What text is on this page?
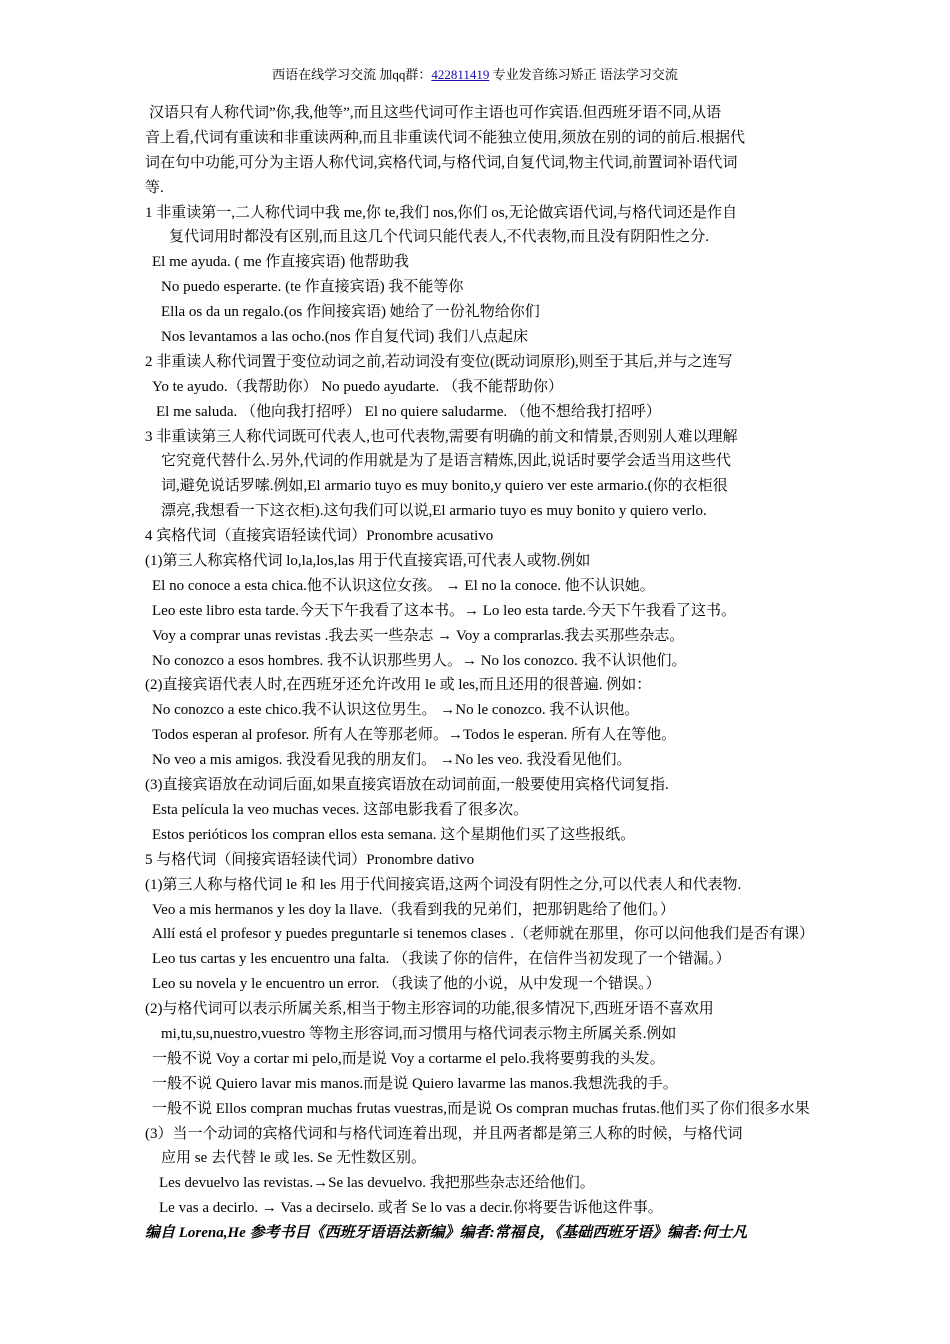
西语在线学习交流 加qq群：422811419 专业发音练习矫正 语法学习交流
汉语只有人称代词”你,我,他等”,而且这些代词可作主语也可作宾语.但西班牙语不同,从语
音上看,代词有重读和非重读两种,而且非重读代词不能独立使用,须放在别的词的前后.根据代
词在句中功能,可分为主语人称代词,宾格代词,与格代词,自复代词,物主代词,前置词补语代词
等.
1 非重读第一,二人称代词中我 me,你 te,我们 nos,你们 os,无论做宾语代词,与格代词还是作自
复代词用时都没有区别,而且这几个代词只能代表人,不代表物,而且没有阴阳性之分.
El me ayuda. ( me 作直接宾语) 他帮助我
No puedo esperarte. (te 作直接宾语) 我不能等你
Ella os da un regalo.(os 作间接宾语) 她给了一份礼物给你们
Nos levantamos a las ocho.(nos 作自复代词) 我们八点起床
2 非重读人称代词置于变位动词之前,若动词没有变位(既动词原形),则至于其后,并与之连写
Yo te ayudo.（我帮助你） No puedo ayudarte. （我不能帮助你）
El me saluda. （他向我打招呼） El no quiere saludarme. （他不想给我打招呼）
3 非重读第三人称代词既可代表人,也可代表物,需要有明确的前文和情景,否则别人难以理解
它究竟代替什么.另外,代词的作用就是为了是语言精炼,因此,说话时要学会适当用这些代
词,避免说话罗嗦.例如,El armario tuyo es muy bonito,y quiero ver este armario.(你的衣柜很
漂亮,我想看一下这衣柜).这句我们可以说,El armario tuyo es muy bonito y quiero verlo.
4 宾格代词（直接宾语轻读代词）Pronombre acusativo
(1)第三人称宾格代词 lo,la,los,las 用于代直接宾语,可代表人或物.例如
El no conoce a esta chica.他不认识这位女孩。 → El no la conoce. 他不认识她。
Leo este libro esta tarde.今天下午我看了这本书。→ Lo leo esta tarde.今天下午我看了这书。
Voy a comprar unas revistas .我去买一些杂志 → Voy a comprarlas.我去买那些杂志。
No conozco a esos hombres. 我不认识那些男人。→ No los conozco. 我不认识他们。
(2)直接宾语代表人时,在西班牙还允许改用 le 或 les,而且还用的很普遍. 例如：
No conozco a este chico.我不认识这位男生。 →No le conozco. 我不认识他。
Todos esperan al profesor. 所有人在等那老师。→Todos le esperan. 所有人在等他。
No veo a mis amigos. 我没看见我的朋友们。 →No les veo. 我没看见他们。
(3)直接宾语放在动词后面,如果直接宾语放在动词前面,一般要使用宾格代词复指.
Esta película la veo muchas veces. 这部电影我看了很多次。
Estos perióticos los compran ellos esta semana. 这个星期他们买了这些报纸。
5 与格代词（间接宾语轻读代词）Pronombre dativo
(1)第三人称与格代词 le 和 les 用于代间接宾语,这两个词没有阴性之分,可以代表人和代表物.
Veo a mis hermanos y les doy la llave.（我看到我的兄弟们，把那钥匙给了他们。）
Allí está el profesor y puedes preguntarle si tenemos clases .（老师就在那里，你可以问他我们是否有课）
Leo tus cartas y les encuentro una falta. （我读了你的信件，在信件当初发现了一个错漏。）
Leo su novela y le encuentro un error. （我读了他的小说，从中发现一个错误。）
(2)与格代词可以表示所属关系,相当于物主形容词的功能,很多情况下,西班牙语不喜欢用
mi,tu,su,nuestro,vuestro 等物主形容词,而习惯用与格代词表示物主所属关系.例如
一般不说 Voy a cortar mi pelo,而是说 Voy a cortarme el pelo.我将要剪我的头发。
一般不说 Quiero lavar mis manos.而是说 Quiero lavarme las manos.我想洗我的手。
一般不说 Ellos compran muchas frutas vuestras,而是说 Os compran muchas frutas.他们买了你们很多水果
(3）当一个动词的宾格代词和与格代词连着出现，并且两者都是第三人称的时候，与格代词
应用 se 去代替 le 或 les. Se 无性数区别。
Les devuelvo las revistas.→Se las devuelvo. 我把那些杂志还给他们。
Le vas a decirlo. → Vas a decirselo. 或者 Se lo vas a decir.你将要告诉他这件事。
编自 Lorena,He 参考书目《西班牙语语法新编》编者:常福良，《基础西班牙语》编者:何士凡
